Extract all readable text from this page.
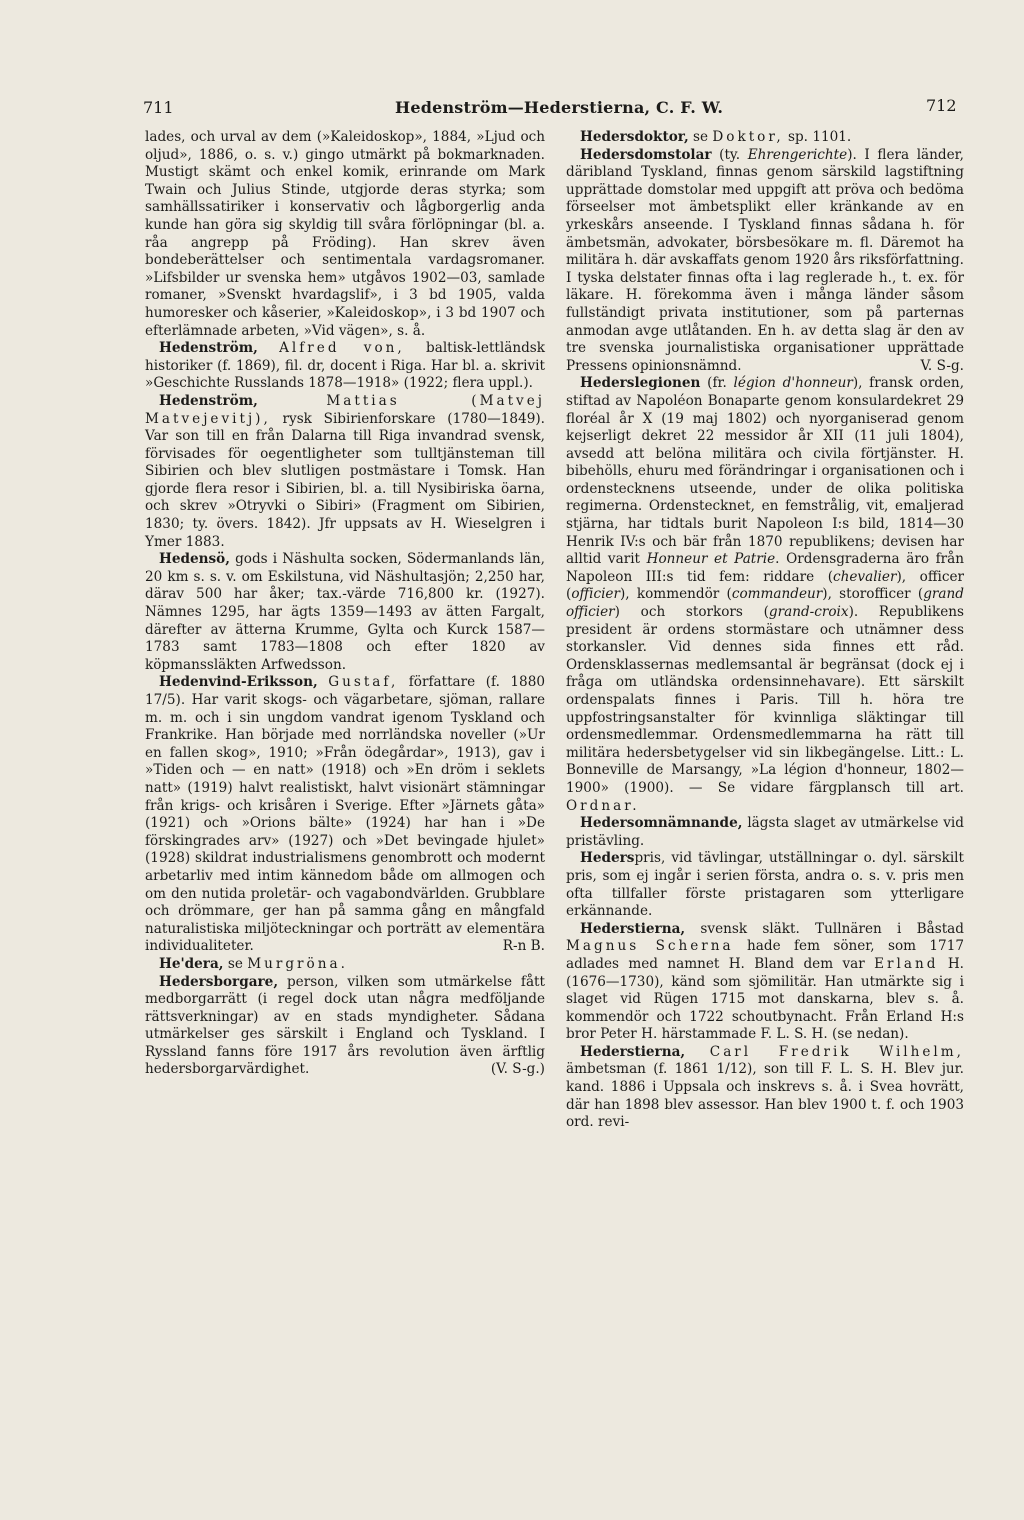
711	Hedenström—Hederstierna, C. F. W.	712

lades, och urval av dem (»Kaleidoskop», 1884, »Ljud och oljud», 1886, o. s. v.) gingo utmärkt på bokmarknaden. Mustigt skämt och enkel komik, erinrande om Mark Twain och Julius Stinde, utgjorde deras styrka; som samhällssatiriker i konservativ och lågborgerlig anda kunde han göra sig skyldig till svåra förlöpningar (bl. a. råa angrepp på Fröding). Han skrev även bondeberättelser och sentimentala vardagsromaner. »Lifsbilder ur svenska hem» utgåvos 1902—03, samlade romaner, »Svenskt hvardagslif», i 3 bd 1905, valda humoresker och kåserier, »Kaleidoskop», i 3 bd 1907 och efterlämnade arbeten, »Vid vägen», s. å.

Hedenström, Alfred von, baltisk-lettländsk historiker (f. 1869), fil. dr, docent i Riga. Har bl. a. skrivit »Geschichte Russlands 1878—1918» (1922; flera uppl.).

Hedenström,	Mattias (Matvej Matvejevitj), rysk Sibirienforskare (1780—1849). Var son till en från Dalarna till Riga invandrad svensk, förvisades för oegentligheter som tulltjänsteman till Sibirien och blev slutligen postmästare i Tomsk. Han gjorde flera resor i Sibirien, bl. a. till Nysibiriska öarna, och skrev »Otryvki o Sibiri» (Fragment om Sibirien, 1830; ty. övers. 1842). Jfr uppsats av H. Wieselgren i Ymer 1883.

Hedensö, gods i Näshulta socken, Södermanlands län, 20 km s. s. v. om Eskilstuna, vid Näshultasjön; 2,250 har, därav 500 har åker; tax.-värde 716,800 kr. (1927). Nämnes 1295, har ägts 1359—1493 av ätten Fargalt, därefter av ätterna Krumme, Gylta och Kurck 1587—1783 samt 1783—1808 och efter 1820 av köpmanssläkten Arfwedsson.

Hedenvind-Eriksson, Gustaf, författare (f. 1880 17/5). Har varit skogs- och vägarbetare, sjöman, rallare m. m. och i sin ungdom vandrat igenom Tyskland och Frankrike. Han började med norrländska noveller (»Ur en fallen skog», 1910; »Från ödegårdar», 1913), gav i »Tiden och — en natt» (1918) och »En dröm i seklets natt» (1919) halvt realistiskt, halvt visionärt stämningar från krigs- och krisåren i Sverige. Efter »Järnets gåta» (1921) och »Orions bälte» (1924) har han i »De förskingrades arv» (1927) och »Det bevingade hjulet» (1928) skildrat industrialismens genombrott och modernt arbetarliv med intim kännedom både om allmogen och om den nutida proletär- och vagabondvärlden. Grubblare och drömmare, ger han på samma gång en mångfald naturalistiska miljöteckningar och porträtt av elementära individualiteter.	R-n B.

He'dera, se Murgröna.

Hedersborgare, person, vilken som utmärkelse fått medborgarrätt (i regel dock utan några medföljande rättsverkningar) av en stads myndigheter. Sådana utmärkelser ges särskilt i England och Tyskland. I Ryssland fanns före 1917 års revolution även ärftlig hedersborgarvärdighet.	(V. S-g.)

Hedersdoktor, se Doktor, sp. 1101.

Hedersdomstolar (ty. Ehrengerichte). I flera länder, däribland Tyskland, finnas genom särskild lagstiftning upprättade domstolar med uppgift att pröva och bedöma förseelser mot ämbetsplikt eller kränkande av en yrkeskårs anseende. I Tyskland finnas sådana h. för ämbetsmän, advokater, börsbesökare m. fl. Däremot ha militära h. där avskaffats genom 1920 års riksförfattning. I tyska delstater finnas ofta i lag reglerade h., t. ex. för läkare. H. förekomma även i många länder såsom fullständigt privata institutioner, som på parternas anmodan avge utlåtanden. En h. av detta slag är den av tre svenska journalistiska organisationer upprättade Pressens opinionsnämnd.	V. S-g.

Hederslegionen (fr. légion d'honneur), fransk orden, stiftad av Napoléon Bonaparte genom konsulardekret 29 floréal år X (19 maj 1802) och nyorganiserad genom kejserligt dekret 22 messidor år XII (11 juli 1804), avsedd att belöna militära och civila förtjänster. H. bibehölls, ehuru med förändringar i organisationen och i ordenstecknens utseende, under de olika politiska regimerna. Ordenstecknet, en femstrålig, vit, emaljerad stjärna, har tidtals burit Napoleon I:s bild, 1814—30 Henrik IV:s och bär från 1870 republikens; devisen har alltid varit Honneur et Patrie. Ordensgraderna äro från Napoleon III:s tid fem: riddare (chevalier), officer (officier), kommendör (commandeur), storofficer (grand officier) och storkors (grand-croix). Republikens president är ordens stormästare och utnämner dess storkansler. Vid dennes sida finnes ett råd. Ordensklassernas medlemsantal är begränsat (dock ej i fråga om utländska ordensinnehavare). Ett särskilt ordenspalats finnes i Paris. Till h. höra tre uppfostringsanstalter för kvinnliga släktingar till ordensmedlemmar. Ordensmedlemmarna ha rätt till militära hedersbetygelser vid sin likbegängelse. Litt.: L. Bonneville de Marsangy, »La légion d'honneur, 1802—1900» (1900). — Se vidare färgplansch till art. Ordnar.

Hedersomnämnande, lägsta slaget av utmärkelse vid pristävling.

Hederspris, vid tävlingar, utställningar o. dyl. särskilt pris, som ej ingår i serien första, andra o. s. v. pris men ofta tillfaller förste pristagaren som ytterligare erkännande.

Hederstierna, svensk släkt. Tullnären i Båstad Magnus Scherna hade fem söner, som 1717 adlades med namnet H. Bland dem var Erland H. (1676—1730), känd som sjömilitär. Han utmärkte sig i slaget vid Rügen 1715 mot danskarna, blev s. å. kommendör och 1722 schoutbynacht. Från Erland H:s bror Peter H. härstammade F. L. S. H. (se nedan).

Hederstierna, Carl Fredrik Wilhelm, ämbetsman (f. 1861 1/12), son till F. L. S. H. Blev jur. kand. 1886 i Uppsala och inskrevs s. å. i Svea hovrätt, där han 1898 blev assessor. Han blev 1900 t. f. och 1903 ord. revi-
